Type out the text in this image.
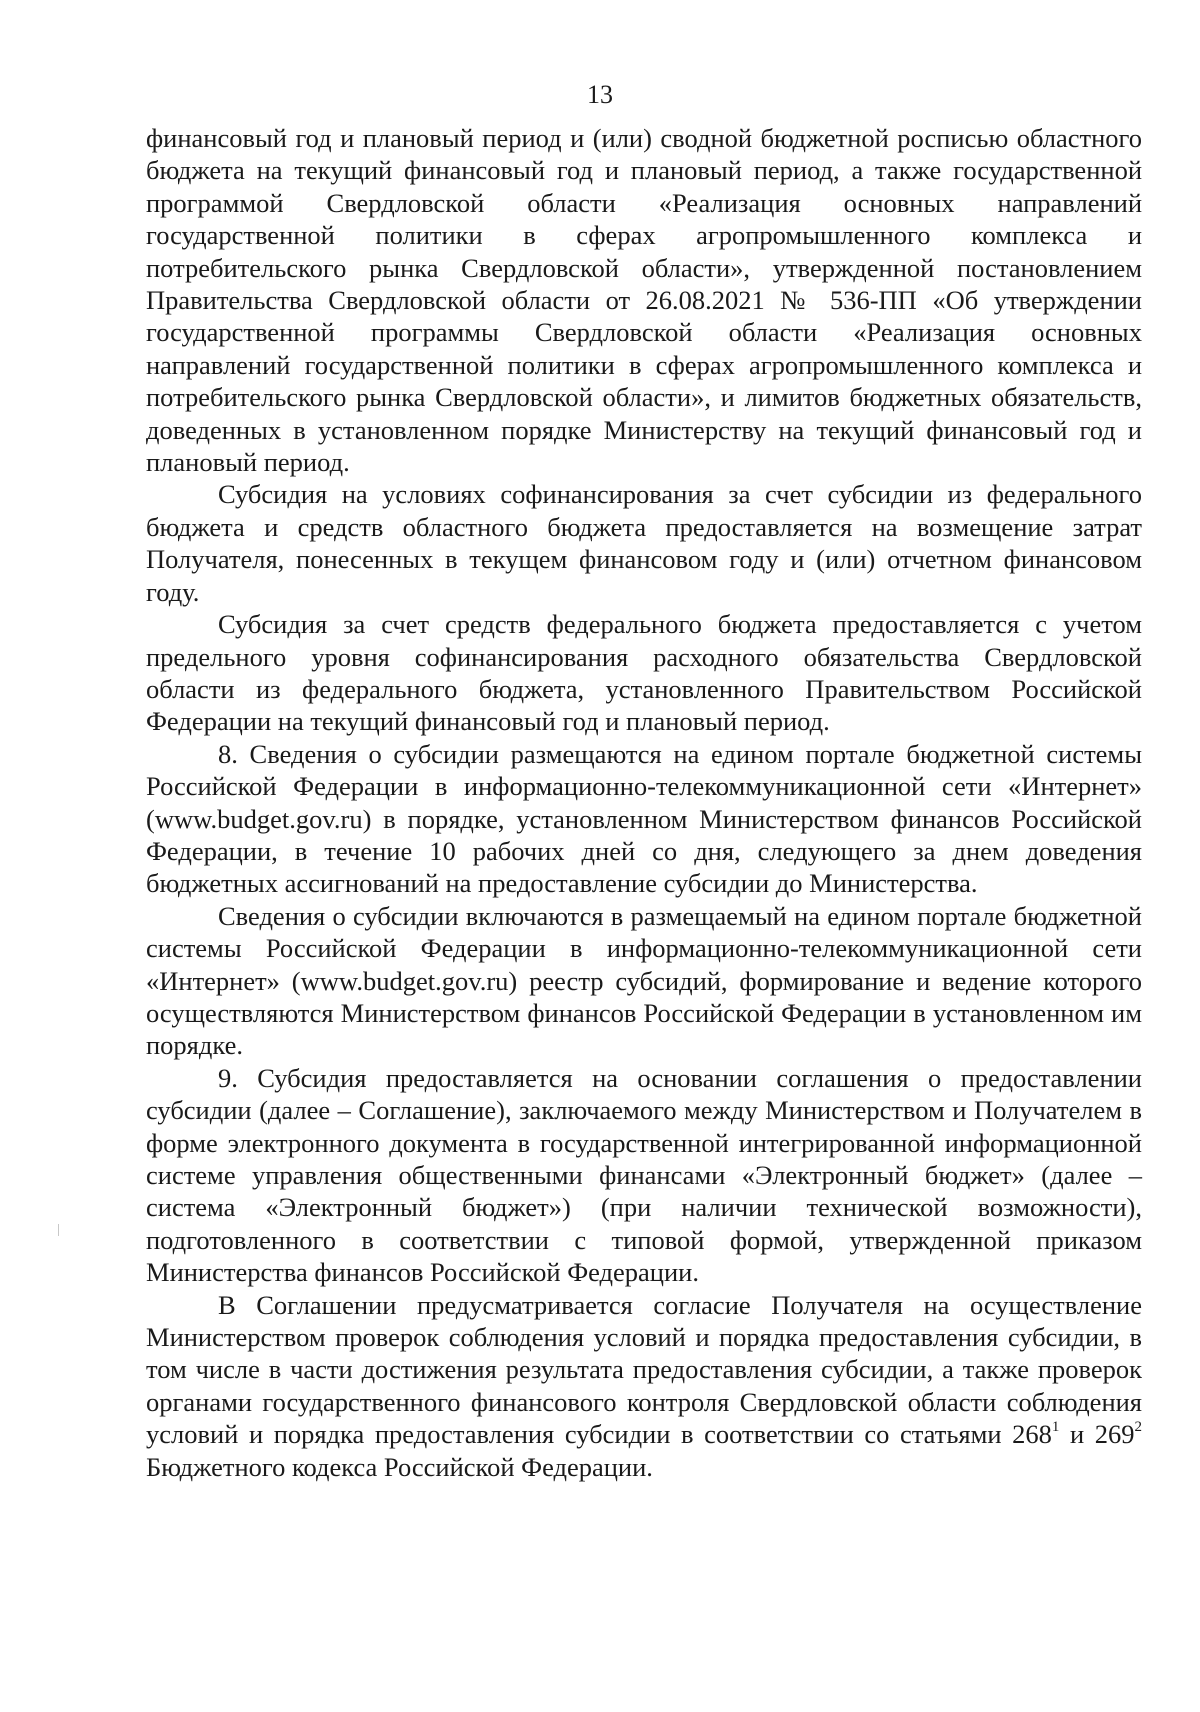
13

финансовый год и плановый период и (или) сводной бюджетной росписью областного бюджета на текущий финансовый год и плановый период, а также государственной программой Свердловской области «Реализация основных направлений государственной политики в сферах агропромышленного комплекса и потребительского рынка Свердловской области», утвержденной постановлением Правительства Свердловской области от 26.08.2021 № 536-ПП «Об утверждении государственной программы Свердловской области «Реализация основных направлений государственной политики в сферах агропромышленного комплекса и потребительского рынка Свердловской области», и лимитов бюджетных обязательств, доведенных в установленном порядке Министерству на текущий финансовый год и плановый период.

Субсидия на условиях софинансирования за счет субсидии из федерального бюджета и средств областного бюджета предоставляется на возмещение затрат Получателя, понесенных в текущем финансовом году и (или) отчетном финансовом году.

Субсидия за счет средств федерального бюджета предоставляется с учетом предельного уровня софинансирования расходного обязательства Свердловской области из федерального бюджета, установленного Правительством Российской Федерации на текущий финансовый год и плановый период.

8. Сведения о субсидии размещаются на едином портале бюджетной системы Российской Федерации в информационно-телекоммуникационной сети «Интернет» (www.budget.gov.ru) в порядке, установленном Министерством финансов Российской Федерации, в течение 10 рабочих дней со дня, следующего за днем доведения бюджетных ассигнований на предоставление субсидии до Министерства.

Сведения о субсидии включаются в размещаемый на едином портале бюджетной системы Российской Федерации в информационно-телекоммуникационной сети «Интернет» (www.budget.gov.ru) реестр субсидий, формирование и ведение которого осуществляются Министерством финансов Российской Федерации в установленном им порядке.

9. Субсидия предоставляется на основании соглашения о предоставлении субсидии (далее – Соглашение), заключаемого между Министерством и Получателем в форме электронного документа в государственной интегрированной информационной системе управления общественными финансами «Электронный бюджет» (далее – система «Электронный бюджет») (при наличии технической возможности), подготовленного в соответствии с типовой формой, утвержденной приказом Министерства финансов Российской Федерации.

В Соглашении предусматривается согласие Получателя на осуществление Министерством проверок соблюдения условий и порядка предоставления субсидии, в том числе в части достижения результата предоставления субсидии, а также проверок органами государственного финансового контроля Свердловской области соблюдения условий и порядка предоставления субсидии в соответствии со статьями $268^1$ и $269^2$ Бюджетного кодекса Российской Федерации.
